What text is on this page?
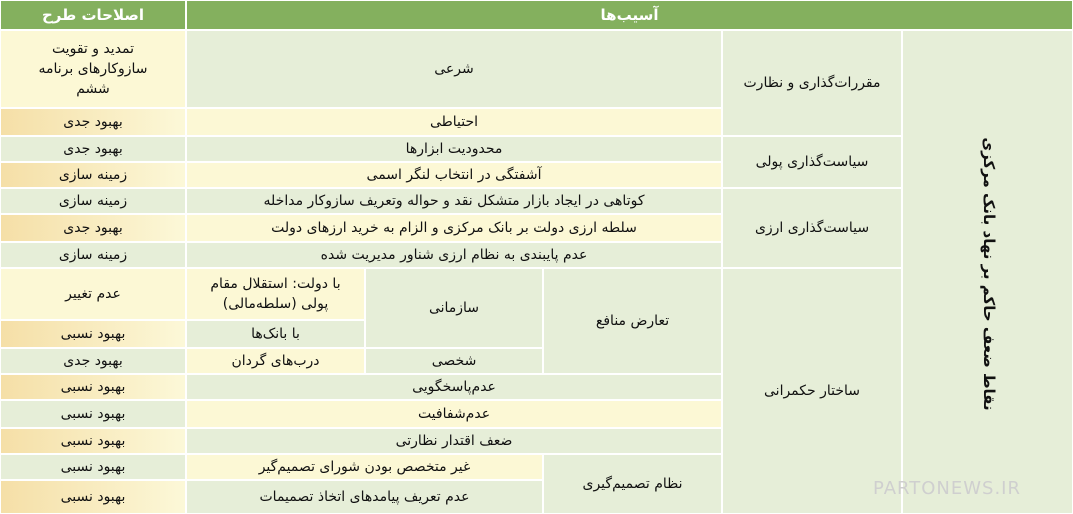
اصلاحات طرح	آسیب‌ها
نقاط ضعف حاکم بر نهاد بانک مرکزی
مقررات‌گذاری و نظارت
سیاست‌گذاری پولی
سیاست‌گذاری ارزی
ساختار حکمرانی
تعارض منافع
نظام تصمیم‌گیری
سازمانی
شخصی
شرعی
احتیاطی
محدودیت ابزارها
آشفتگی در انتخاب لنگر اسمی
کوتاهی در ایجاد بازار متشکل نقد و حواله وتعریف سازوکار مداخله
سلطه ارزی دولت بر بانک مرکزی و الزام به خرید ارزهای دولت
عدم پایبندی به نظام ارزی شناور مدیریت شده
با دولت: استقلال مقام پولی (سلطه‌مالی)
با بانک‌ها
درب‌های گردان
عدم‌پاسخگویی
عدم‌شفافیت
ضعف اقتدار نظارتی
غیر متخصص بودن شورای تصمیم‌گیر
عدم تعریف پیامدهای اتخاذ تصمیمات
تمدید و تقویت سازوکارهای برنامه ششم
بهبود جدی
بهبود جدی
زمینه سازی
زمینه سازی
بهبود جدی
زمینه سازی
عدم تغییر
بهبود نسبی
بهبود جدی
بهبود نسبی
بهبود نسبی
بهبود نسبی
بهبود نسبی
بهبود نسبی	PARTONEWS.IR
